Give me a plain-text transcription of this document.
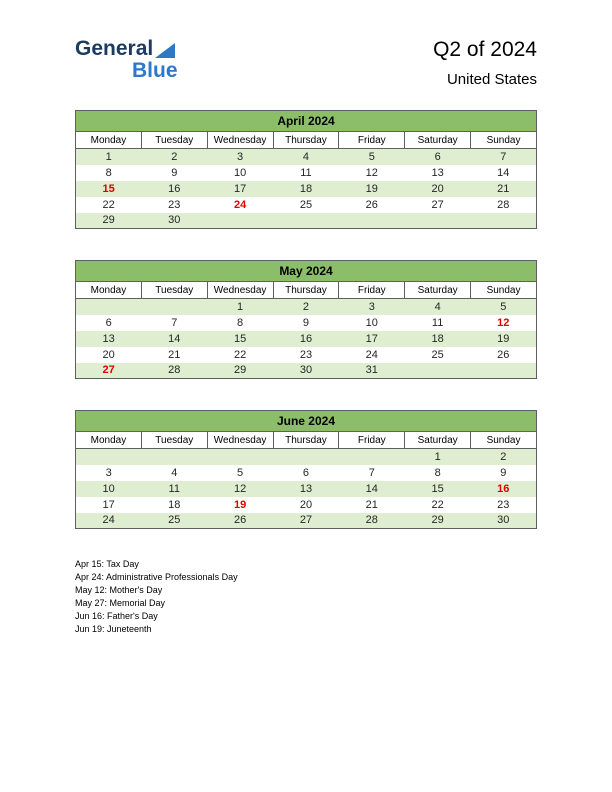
General
Blue
Q2 of 2024
United States
April 2024						
Monday	Tuesday	Wednesday	Thursday	Friday	Saturday	Sunday
1	2	3	4	5	6	7
8	9	10	11	12	13	14
15	16	17	18	19	20	21
22	23	24	25	26	27	28
29	30					
May 2024						
Monday	Tuesday	Wednesday	Thursday	Friday	Saturday	Sunday
		1	2	3	4	5
6	7	8	9	10	11	12
13	14	15	16	17	18	19
20	21	22	23	24	25	26
27	28	29	30	31		
June 2024						
Monday	Tuesday	Wednesday	Thursday	Friday	Saturday	Sunday
					1	2
3	4	5	6	7	8	9
10	11	12	13	14	15	16
17	18	19	20	21	22	23
24	25	26	27	28	29	30
Apr 15: Tax Day
Apr 24: Administrative Professionals Day
May 12: Mother's Day
May 27: Memorial Day
Jun 16: Father's Day
Jun 19: Juneteenth
